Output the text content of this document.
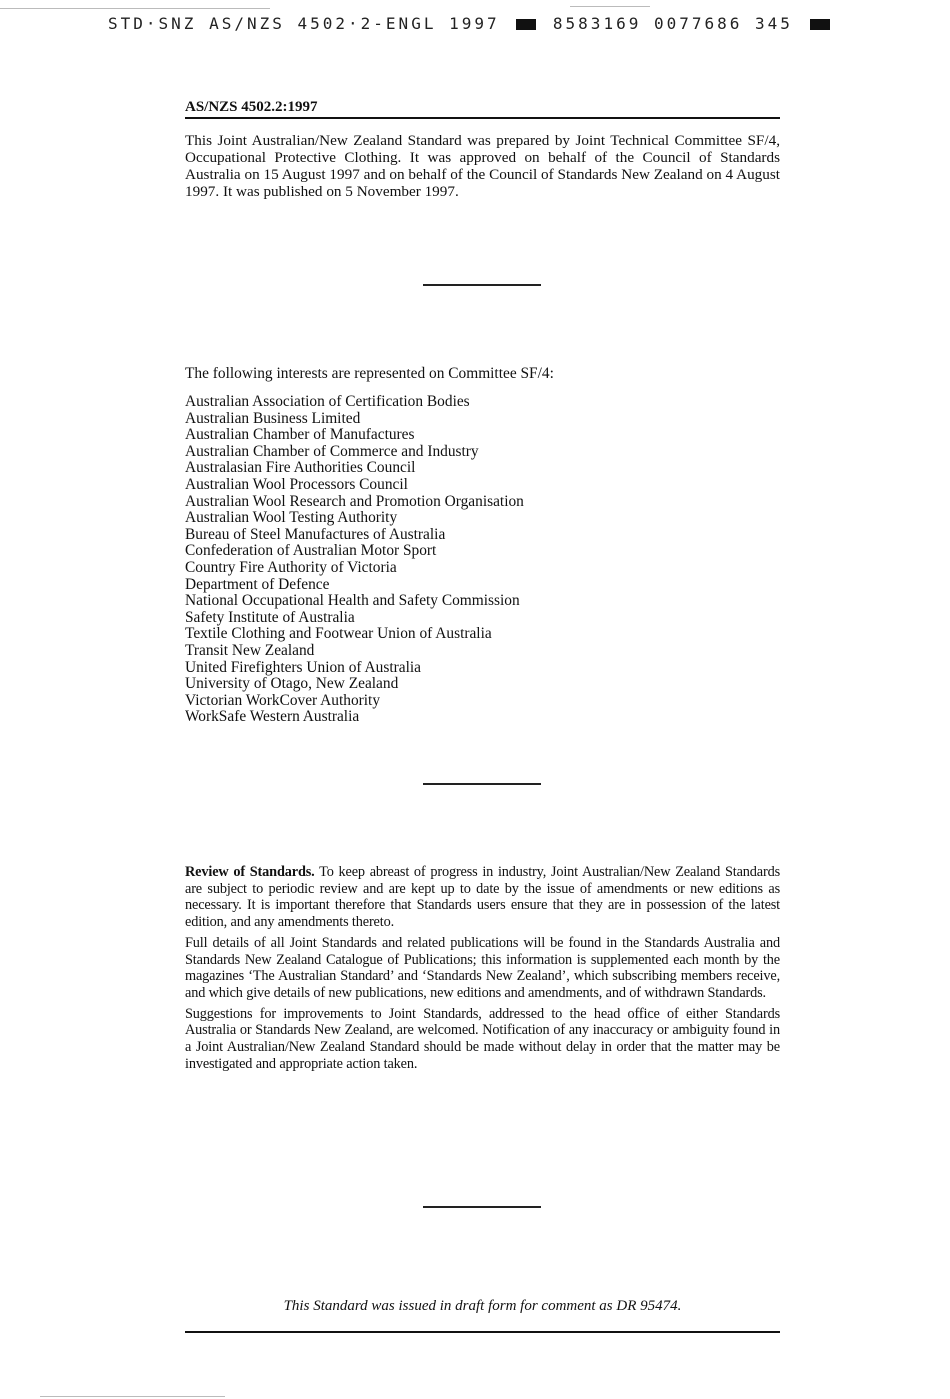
STD·SNZ AS/NZS 4502·2-ENGL 1997	8583169 0077686 345
AS/NZS 4502.2:1997

This Joint Australian/New Zealand Standard was prepared by Joint Technical Committee SF/4, Occupational Protective Clothing. It was approved on behalf of the Council of Standards Australia on 15 August 1997 and on behalf of the Council of Standards New Zealand on 4 August 1997. It was published on 5 November 1997.

The following interests are represented on Committee SF/4:

Australian Association of Certification Bodies
Australian Business Limited
Australian Chamber of Manufactures
Australian Chamber of Commerce and Industry
Australasian Fire Authorities Council
Australian Wool Processors Council
Australian Wool Research and Promotion Organisation
Australian Wool Testing Authority
Bureau of Steel Manufactures of Australia
Confederation of Australian Motor Sport
Country Fire Authority of Victoria
Department of Defence
National Occupational Health and Safety Commission
Safety Institute of Australia
Textile Clothing and Footwear Union of Australia
Transit New Zealand
United Firefighters Union of Australia
University of Otago, New Zealand
Victorian WorkCover Authority
WorkSafe Western Australia

Review of Standards. To keep abreast of progress in industry, Joint Australian/New Zealand Standards are subject to periodic review and are kept up to date by the issue of amendments or new editions as necessary. It is important therefore that Standards users ensure that they are in possession of the latest edition, and any amendments thereto.

Full details of all Joint Standards and related publications will be found in the Standards Australia and Standards New Zealand Catalogue of Publications; this information is supplemented each month by the magazines ‘The Australian Standard’ and ‘Standards New Zealand’, which subscribing members receive, and which give details of new publications, new editions and amendments, and of withdrawn Standards.

Suggestions for improvements to Joint Standards, addressed to the head office of either Standards Australia or Standards New Zealand, are welcomed. Notification of any inaccuracy or ambiguity found in a Joint Australian/New Zealand Standard should be made without delay in order that the matter may be investigated and appropriate action taken.

This Standard was issued in draft form for comment as DR 95474.
